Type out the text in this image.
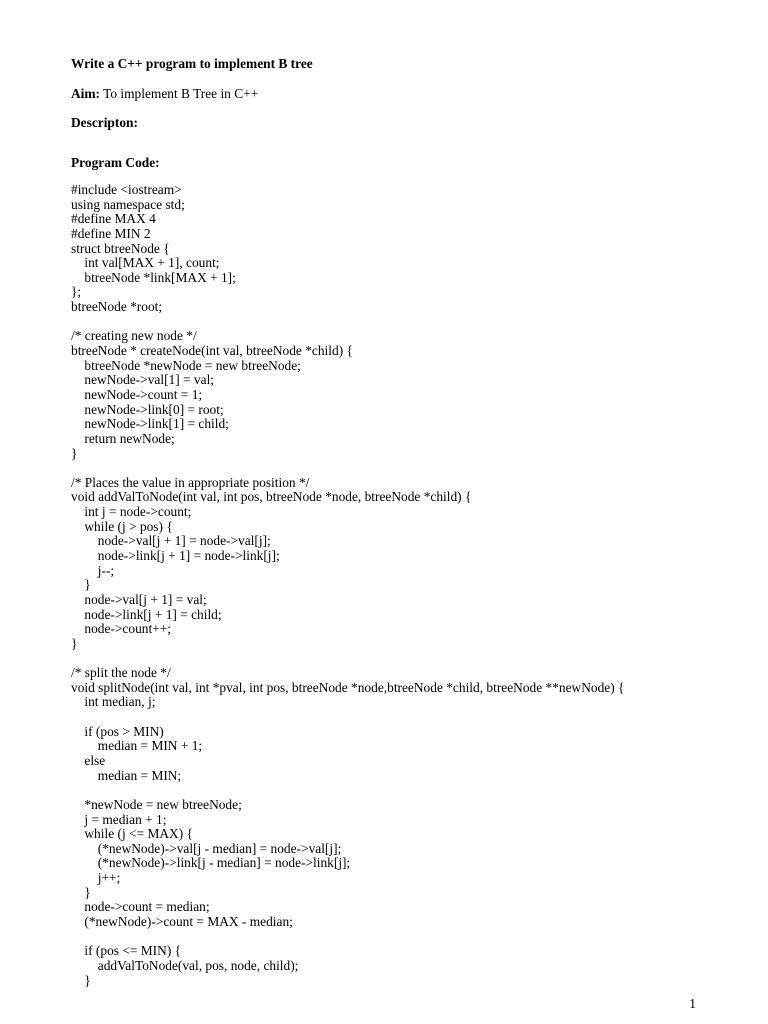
Write a C++ program to implement B tree
Aim: To implement B Tree in C++
Descripton:
Program Code:
#include <iostream>
using namespace std;
#define MAX 4
#define MIN 2
struct btreeNode {
int val[MAX + 1], count;
btreeNode *link[MAX + 1];
};
btreeNode *root;
/* creating new node */
btreeNode * createNode(int val, btreeNode *child) {
btreeNode *newNode = new btreeNode;
newNode->val[1] = val;
newNode->count = 1;
newNode->link[0] = root;
newNode->link[1] = child;
return newNode;
}
/* Places the value in appropriate position */
void addValToNode(int val, int pos, btreeNode *node, btreeNode *child) {
int j = node->count;
while (j > pos) {
node->val[j + 1] = node->val[j];
node->link[j + 1] = node->link[j];
j--;
}
node->val[j + 1] = val;
node->link[j + 1] = child;
node->count++;
}
/* split the node */
void splitNode(int val, int *pval, int pos, btreeNode *node,btreeNode *child, btreeNode **newNode) {
int median, j;
if (pos > MIN)
median = MIN + 1;
else
median = MIN;
*newNode = new btreeNode;
j = median + 1;
while (j <= MAX) {
(*newNode)->val[j - median] = node->val[j];
(*newNode)->link[j - median] = node->link[j];
j++;
}
node->count = median;
(*newNode)->count = MAX - median;
if (pos <= MIN) {
addValToNode(val, pos, node, child);
}
1
